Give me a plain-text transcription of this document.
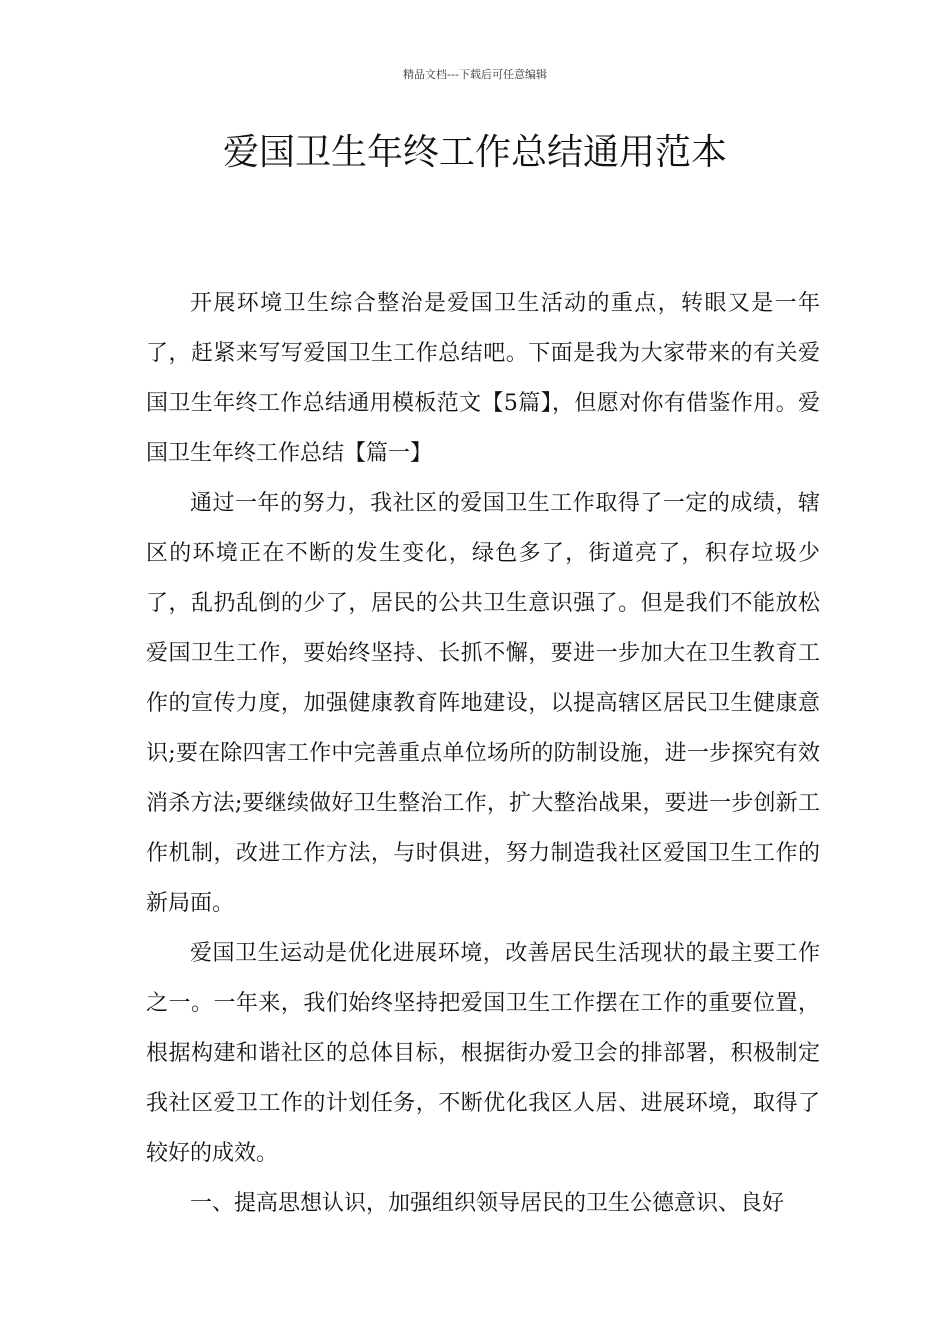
精品文档---下载后可任意编辑
爱国卫生年终工作总结通用范本

开展环境卫生综合整治是爱国卫生活动的重点，转眼又是一年了，赶紧来写写爱国卫生工作总结吧。下面是我为大家带来的有关爱国卫生年终工作总结通用模板范文【5篇】，但愿对你有借鉴作用。爱国卫生年终工作总结【篇一】

通过一年的努力，我社区的爱国卫生工作取得了一定的成绩，辖区的环境正在不断的发生变化，绿色多了，街道亮了，积存垃圾少了，乱扔乱倒的少了，居民的公共卫生意识强了。但是我们不能放松爱国卫生工作，要始终坚持、长抓不懈，要进一步加大在卫生教育工作的宣传力度，加强健康教育阵地建设，以提高辖区居民卫生健康意识;要在除四害工作中完善重点单位场所的防制设施，进一步探究有效消杀方法;要继续做好卫生整治工作，扩大整治战果，要进一步创新工作机制，改进工作方法，与时俱进，努力制造我社区爱国卫生工作的新局面。

爱国卫生运动是优化进展环境，改善居民生活现状的最主要工作之一。一年来，我们始终坚持把爱国卫生工作摆在工作的重要位置，根据构建和谐社区的总体目标，根据街办爱卫会的排部署，积极制定我社区爱卫工作的计划任务，不断优化我区人居、进展环境，取得了较好的成效。

一、提高思想认识，加强组织领导居民的卫生公德意识、良好
